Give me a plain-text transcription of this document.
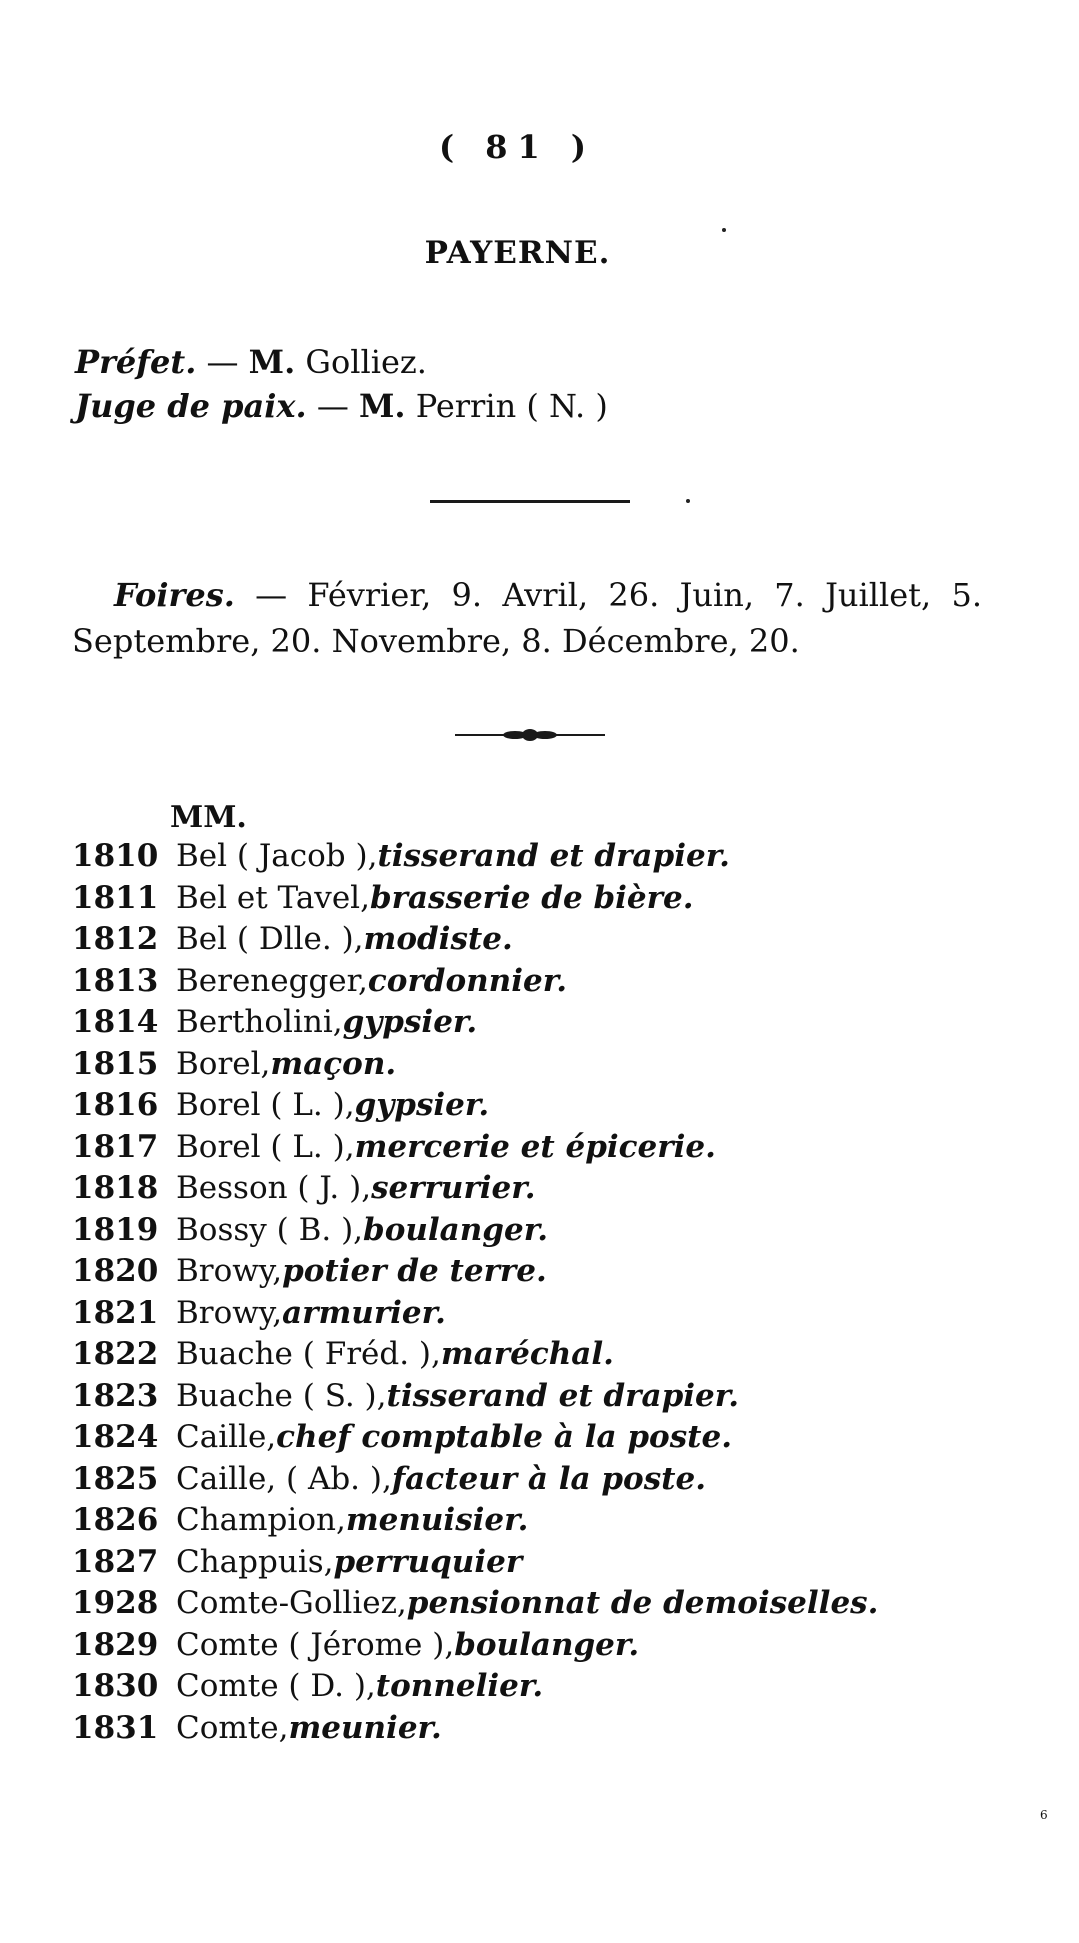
( 81 )
PAYERNE.
Préfet. — M. Golliez.
Juge de paix. — M. Perrin ( N. )
Foires. — Février, 9. Avril, 26. Juin, 7. Juillet, 5. Septembre, 20. Novembre, 8. Décembre, 20.
MM.
1810 Bel ( Jacob ), tisserand et drapier.
1811 Bel et Tavel, brasserie de bière.
1812 Bel ( Dlle. ), modiste.
1813 Berenegger, cordonnier.
1814 Bertholini, gypsier.
1815 Borel, maçon.
1816 Borel ( L. ), gypsier.
1817 Borel ( L. ), mercerie et épicerie.
1818 Besson ( J. ), serrurier.
1819 Bossy ( B. ), boulanger.
1820 Browy, potier de terre.
1821 Browy, armurier.
1822 Buache ( Fréd. ), maréchal.
1823 Buache ( S. ), tisserand et drapier.
1824 Caille, chef comptable à la poste.
1825 Caille, ( Ab. ), facteur à la poste.
1826 Champion, menuisier.
1827 Chappuis, perruquier
1928 Comte-Golliez, pensionnat de demoiselles.
1829 Comte ( Jérome ), boulanger.
1830 Comte ( D. ), tonnelier.
1831 Comte, meunier.
6
